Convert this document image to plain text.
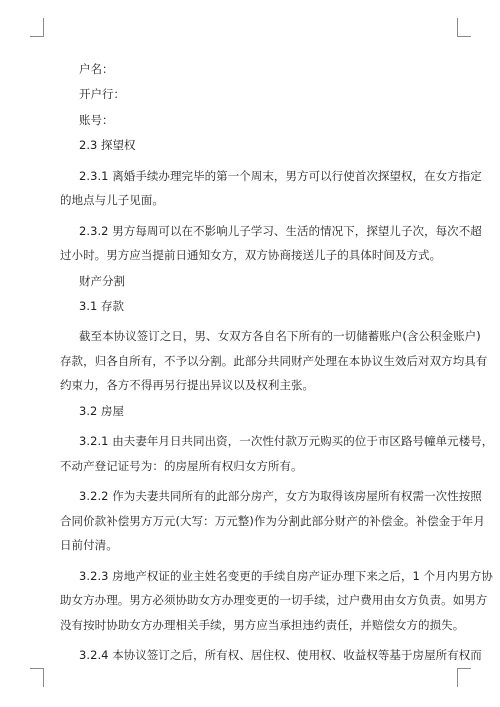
户名：
开户行：
账号：
2.3 探望权
2.3.1 离婚手续办理完毕的第一个周末，男方可以行使首次探望权，在女方指定
的地点与儿子见面。
2.3.2 男方每周可以在不影响儿子学习、生活的情况下，探望儿子次，每次不超
过小时。男方应当提前日通知女方，双方协商接送儿子的具体时间及方式。
财产分割
3.1 存款
截至本协议签订之日，男、女双方各自名下所有的一切储蓄账户(含公积金账户)
存款，归各自所有，不予以分割。此部分共同财产处理在本协议生效后对双方均具有
约束力，各方不得再另行提出异议以及权利主张。
3.2 房屋
3.2.1 由夫妻年月日共同出资，一次性付款万元购买的位于市区路号幢单元楼号，
不动产登记证号为：的房屋所有权归女方所有。
3.2.2 作为夫妻共同所有的此部分房产，女方为取得该房屋所有权需一次性按照
合同价款补偿男方万元(大写：万元整)作为分割此部分财产的补偿金。补偿金于年月
日前付清。
3.2.3 房地产权证的业主姓名变更的手续自房产证办理下来之后，1 个月内男方协
助女方办理。男方必须协助女方办理变更的一切手续，过户费用由女方负责。如男方
没有按时协助女方办理相关手续，男方应当承担违约责任，并赔偿女方的损失。
3.2.4 本协议签订之后，所有权、居住权、使用权、收益权等基于房屋所有权而
